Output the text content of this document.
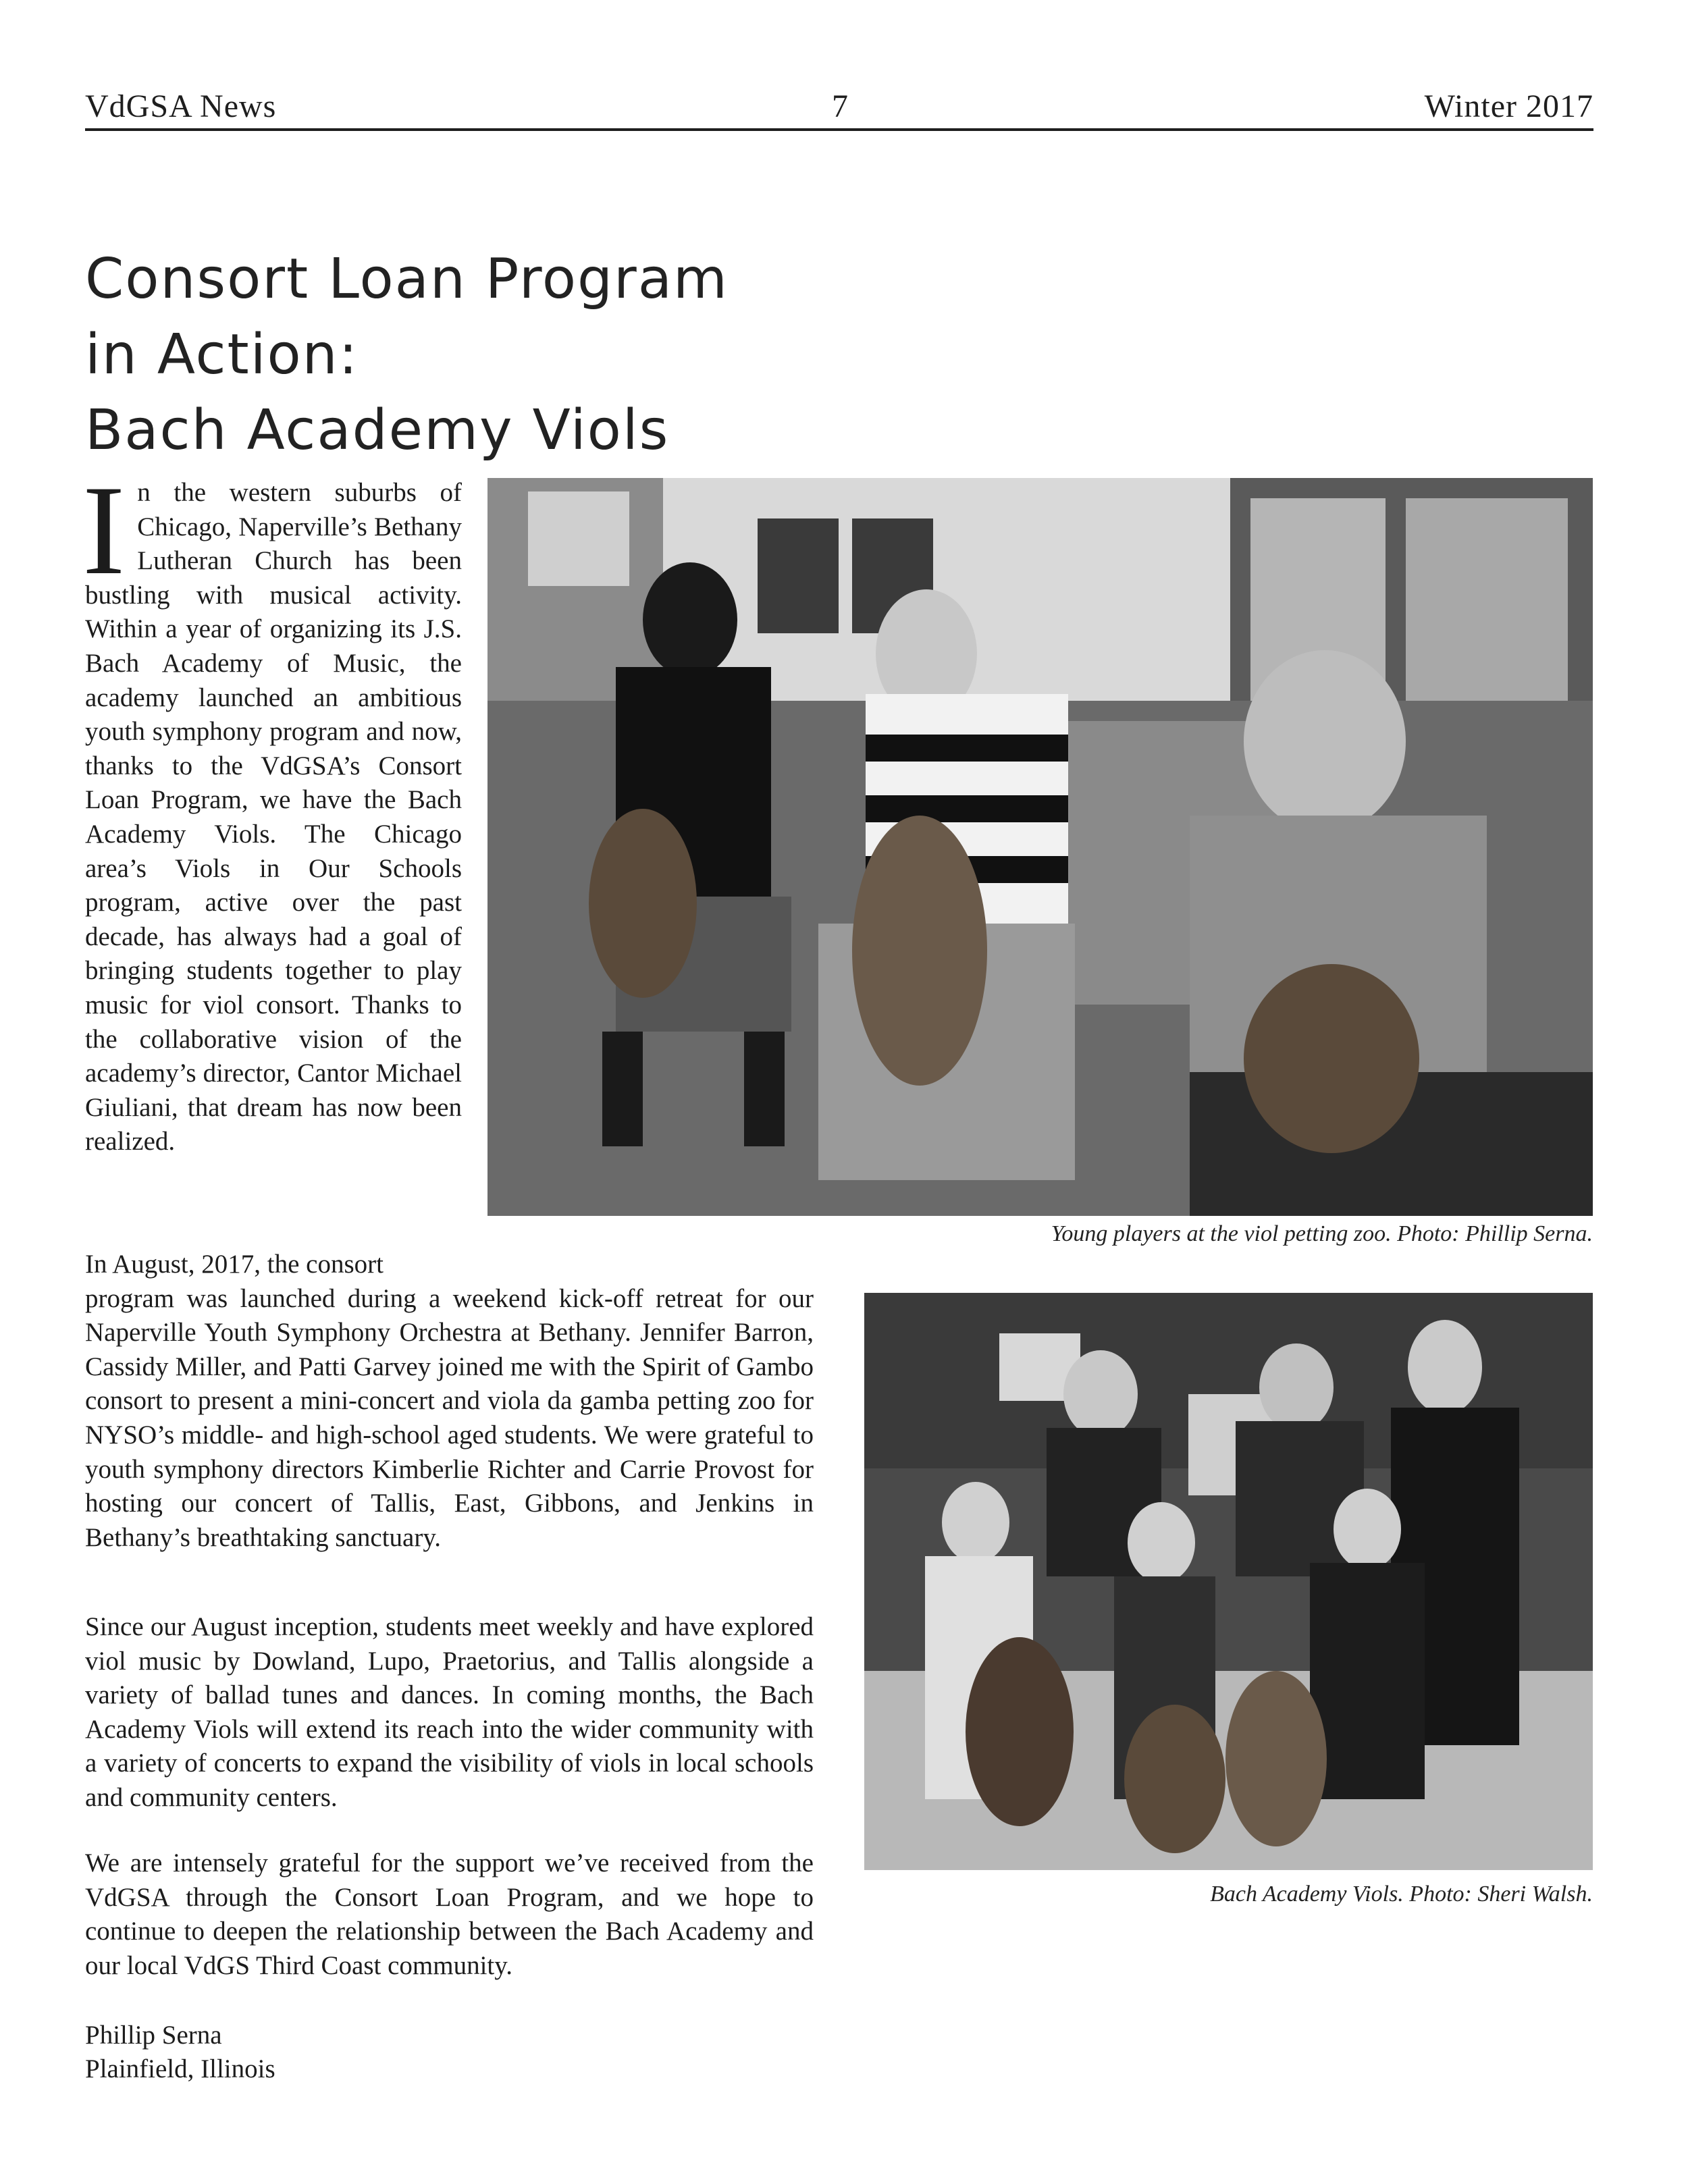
VdGSA News	7	Winter 2017
Consort Loan Program
in Action:
Bach Academy Viols

In the western suburbs of Chicago, Naperville’s Bethany Lutheran Church has been bustling with musical activity. Within a year of organizing its J.S. Bach Academy of Music, the academy launched an ambitious youth symphony program and now, thanks to the VdGSA’s Consort Loan Program, we have the Bach Academy Viols. The Chicago area’s Viols in Our Schools program, active over the past decade, has always had a goal of bringing students together to play music for viol consort. Thanks to the collaborative vision of the academy’s director, Cantor Michael Giuliani, that dream has now been realized.

Young players at the viol petting zoo. Photo: Phillip Serna.

In August, 2017, the consort
program was launched during a weekend kick-off retreat for our Naperville Youth Symphony Orchestra at Bethany. Jennifer Barron, Cassidy Miller, and Patti Garvey joined me with the Spirit of Gambo consort to present a mini-concert and viola da gamba petting zoo for NYSO’s middle- and high-school aged students. We were grateful to youth symphony directors Kimberlie Richter and Carrie Provost for hosting our concert of Tallis, East, Gibbons, and Jenkins in Bethany’s breathtaking sanctuary.

Bach Academy Viols. Photo: Sheri Walsh.

Since our August inception, students meet weekly and have explored viol music by Dowland, Lupo, Praetorius, and Tallis alongside a variety of ballad tunes and dances. In coming months, the Bach Academy Viols will extend its reach into the wider community with a variety of concerts to expand the visibility of viols in local schools and community centers.

We are intensely grateful for the support we’ve received from the VdGSA through the Consort Loan Program, and we hope to continue to deepen the relationship between the Bach Academy and our local VdGS Third Coast community.

Phillip Serna
Plainfield, Illinois
